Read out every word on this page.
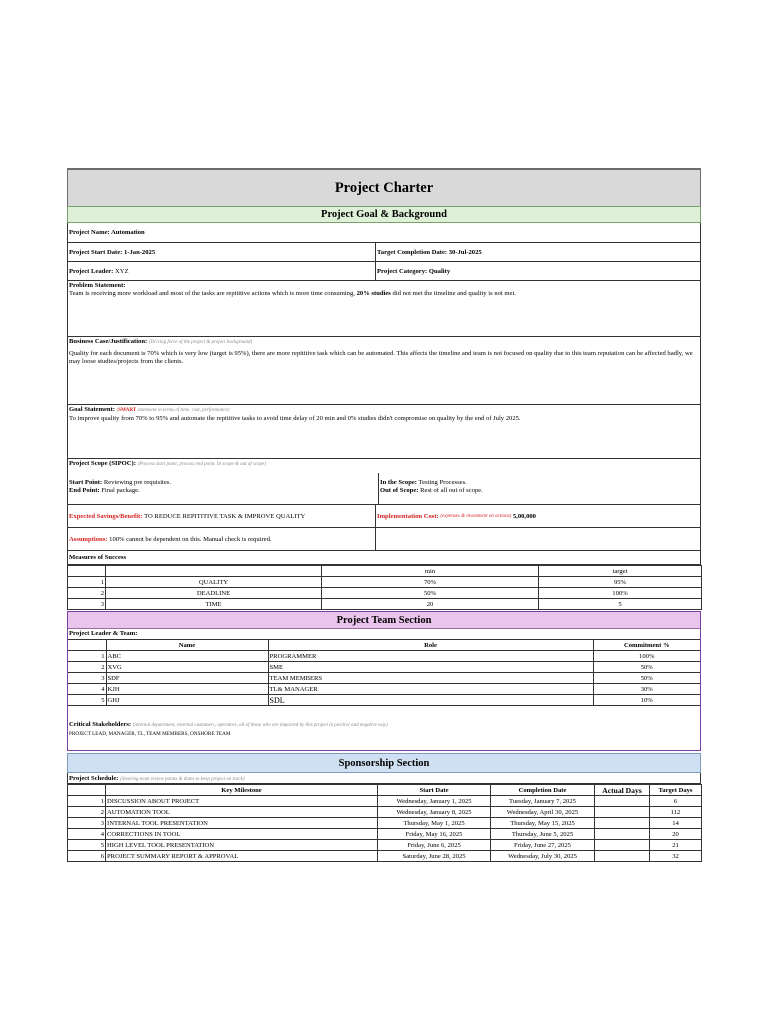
Project Charter
Project Goal & Background
Project Name: Automation
Project Start Date: 1-Jan-2025	Target Completion Date: 30-Jul-2025
Project Leader:
XYZ	Project Category: Quality
Problem Statement:
Team is receiving more workload and most of the tasks are repititive actions which is more time consuming, 20% studies did not met the timeline and quality is not met.
Business Case/Justification: (Driving force of the project & project background)
Quality for each document is 70% which is very low (target is 95%), there are more repititive task which can be automated. This affects the timeline and team is not focused on quality due to this team reputation can be affected badly, we may loose studies/projects from the clients.
Goal Statement: (SMART statement in terms of time, cost, performance)
To improve quality from 70% to 95% and automate the repititive tasks to avoid time delay of 20 min and 0% studies didn't compromise on quality by the end of July 2025.
Project Scope (SIPOC): (Process start point, process end point. In scope & out of scope)
Start Point: Reviewing pre requisites.
End Point: Final package.
In the Scope: Testing Processes.
Out of Scope: Rest of all out of scope.
Expected Savings/Benefit:
TO REDUCE REPITITIVE TASK & IMPROVE QUALITY	Implementation Cost:
(expenses & investment on actions)
5,00,000
Assumptions:
100% cannot be dependent on this. Manual check is required.
Measures of Success
		min	target
1	QUALITY	70%	95%
2	DEADLINE	50%	100%
3	TIME	20	5
Project Team Section
Project Leader & Team:
	Name	Role	Commitment %
1	ABC	PROGRAMMER	100%
2	XVG	SME	50%
3	SDF	TEAM MEMBERS	50%
4	KJH	TL& MANAGER	30%
5	GHJ	SDL	10%
Critical Stakeholders: (internal department, external customers, operators, all of those who are impacted by this project in positive and negative way)
PROJECT LEAD, MANAGER, TL, TEAM MEMBERS, ONSHORE TEAM
Sponsorship Section
Project Schedule: (Steering team review points & dates to keep project on track)
	Key Milestone	Start Date	Completion Date	Actual Days	Target Days
1	DISCUSSION ABOUT PROJECT	Wednesday, January 1, 2025	Tuesday, January 7, 2025		6
2	AUTOMATION TOOL	Wednesday, January 8, 2025	Wednesday, April 30, 2025		112
3	INTERNAL TOOL PRESENTATION	Thursday, May 1, 2025	Thursday, May 15, 2025		14
4	CORRECTIONS IN TOOL	Friday, May 16, 2025	Thursday, June 5, 2025		20
5	HIGH LEVEL TOOL PRESENTATION	Friday, June 6, 2025	Friday, June 27, 2025		21
6	PROJECT SUMMARY REPORT & APPROVAL	Saturday, June 28, 2025	Wednesday, July 30, 2025		32
